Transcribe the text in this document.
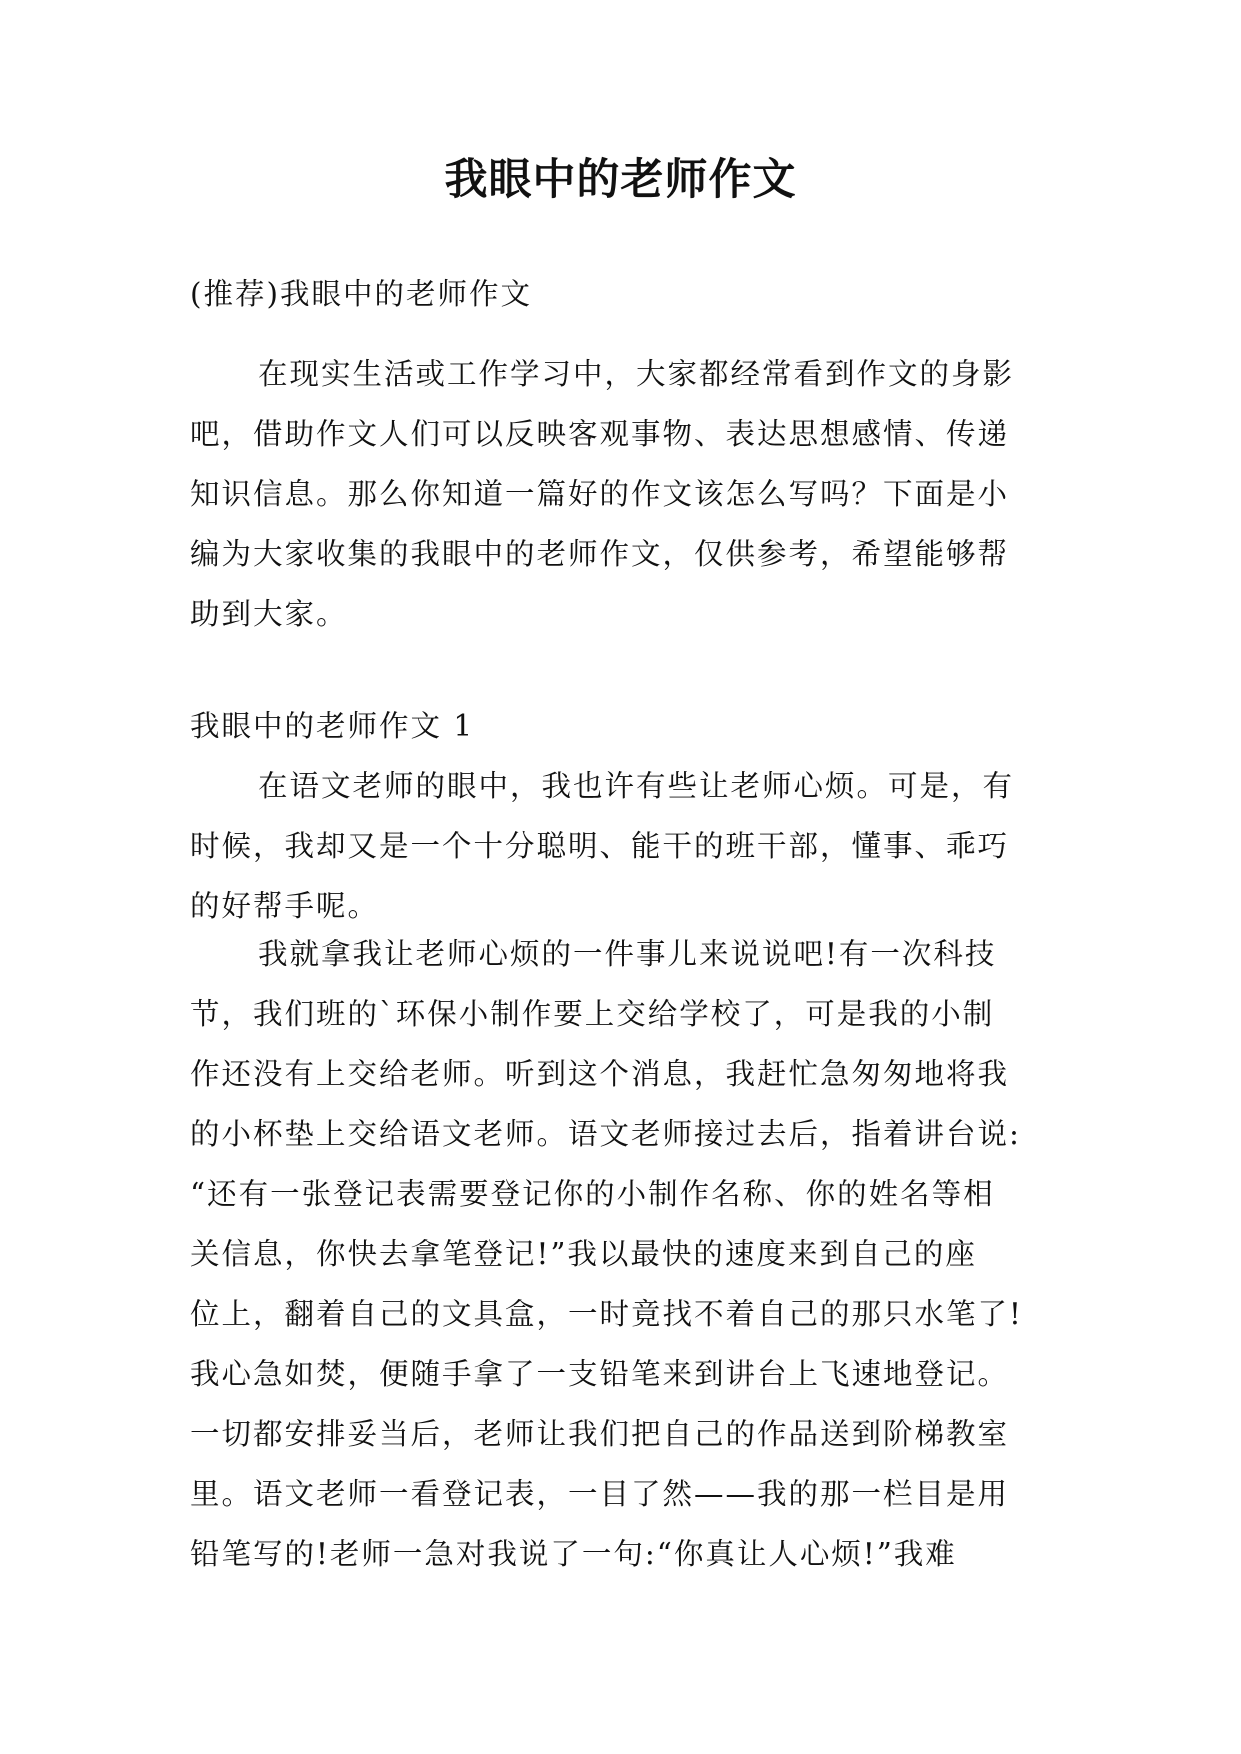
我眼中的老师作文

(推荐)我眼中的老师作文

在现实生活或工作学习中，大家都经常看到作文的身影
吧，借助作文人们可以反映客观事物、表达思想感情、传递
知识信息。那么你知道一篇好的作文该怎么写吗？下面是小
编为大家收集的我眼中的老师作文，仅供参考，希望能够帮
助到大家。

我眼中的老师作文 1

在语文老师的眼中，我也许有些让老师心烦。可是，有
时候，我却又是一个十分聪明、能干的班干部，懂事、乖巧
的好帮手呢。

我就拿我让老师心烦的一件事儿来说说吧!有一次科技
节，我们班的`环保小制作要上交给学校了，可是我的小制
作还没有上交给老师。听到这个消息，我赶忙急匆匆地将我
的小杯垫上交给语文老师。语文老师接过去后，指着讲台说:
“还有一张登记表需要登记你的小制作名称、你的姓名等相
关信息，你快去拿笔登记!”我以最快的速度来到自己的座
位上，翻着自己的文具盒，一时竟找不着自己的那只水笔了!
我心急如焚，便随手拿了一支铅笔来到讲台上飞速地登记。
一切都安排妥当后，老师让我们把自己的作品送到阶梯教室
里。语文老师一看登记表，一目了然——我的那一栏目是用
铅笔写的!老师一急对我说了一句:“你真让人心烦!”我难
